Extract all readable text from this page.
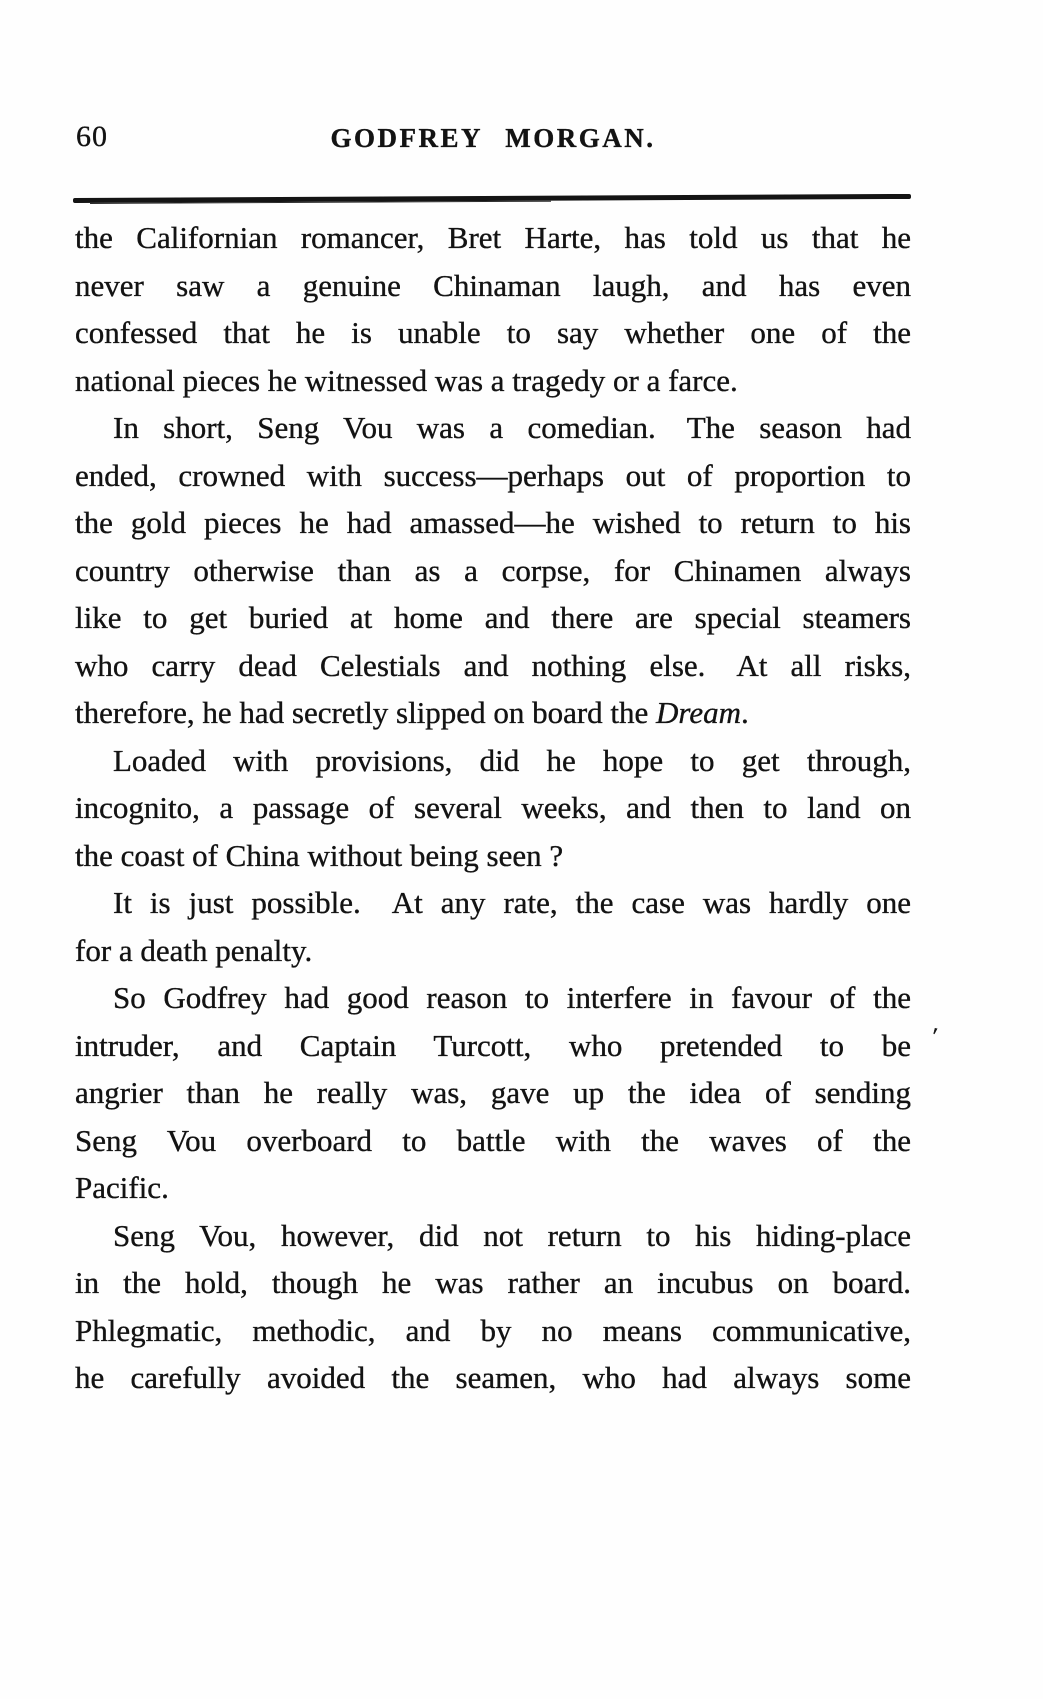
60	GODFREY MORGAN.
the Californian romancer, Bret Harte, has told us that he
never saw a genuine Chinaman laugh, and has even
confessed that he is unable to say whether one of the
national pieces he witnessed was a tragedy or a farce.
In short, Seng Vou was a comedian. The season had
ended, crowned with success—perhaps out of proportion to
the gold pieces he had amassed—he wished to return to his
country otherwise than as a corpse, for Chinamen always
like to get buried at home and there are special steamers
who carry dead Celestials and nothing else. At all risks,
therefore, he had secretly slipped on board the Dream.
Loaded with provisions, did he hope to get through,
incognito, a passage of several weeks, and then to land on
the coast of China without being seen ?
It is just possible. At any rate, the case was hardly one
for a death penalty.
So Godfrey had good reason to interfere in favour of the
intruder, and Captain Turcott, who pretended to be ′
angrier than he really was, gave up the idea of sending
Seng Vou overboard to battle with the waves of the
Pacific.
Seng Vou, however, did not return to his hiding-place
in the hold, though he was rather an incubus on board.
Phlegmatic, methodic, and by no means communicative,
he carefully avoided the seamen, who had always some
